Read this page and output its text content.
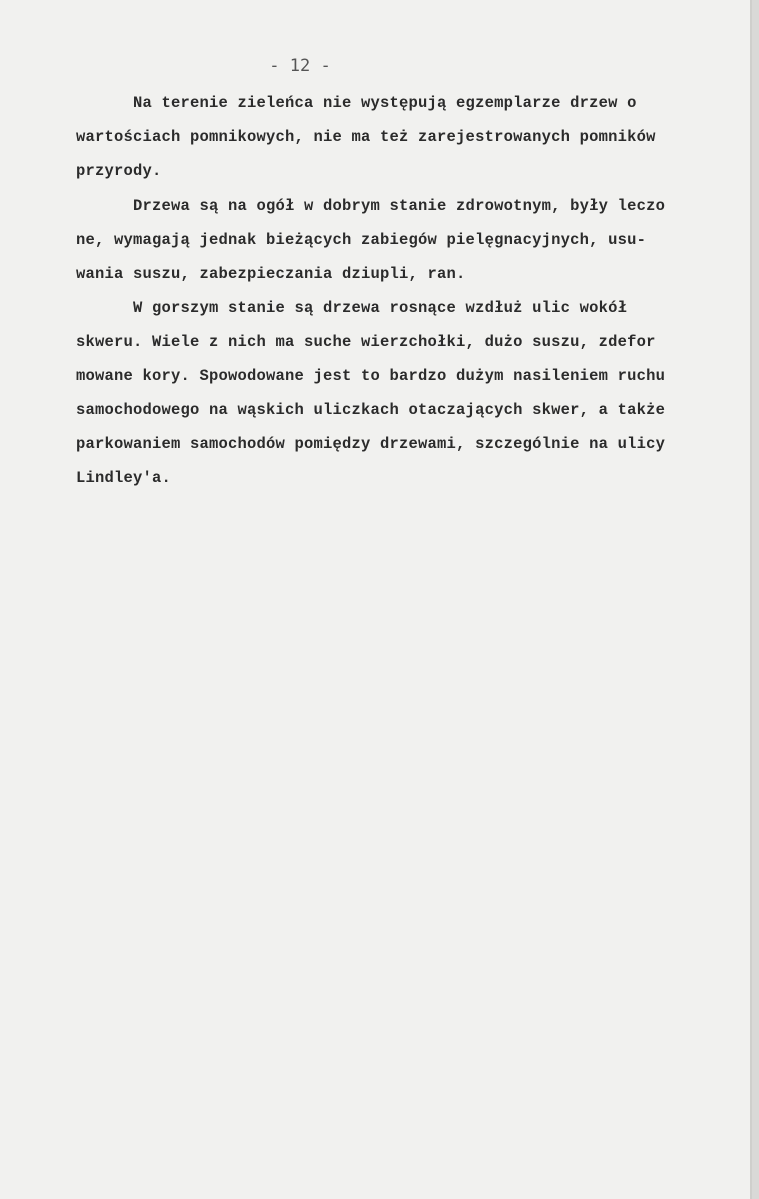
- 12 -
Na terenie zieleńca nie występują egzemplarze drzew o
wartościach pomnikowych, nie ma też zarejestrowanych pomników
przyrody.
Drzewa są na ogół w dobrym stanie zdrowotnym, były leczo
ne, wymagają jednak bieżących zabiegów pielęgnacyjnych, usu-
wania suszu, zabezpieczania dziupli, ran.
W gorszym stanie są drzewa rosnące wzdłuż ulic wokół
skweru. Wiele z nich ma suche wierzchołki, dużo suszu, zdefor
mowane kory. Spowodowane jest to bardzo dużym nasileniem ruchu
samochodowego na wąskich uliczkach otaczających skwer, a także
parkowaniem samochodów pomiędzy drzewami, szczególnie na ulicy
Lindley'a.
